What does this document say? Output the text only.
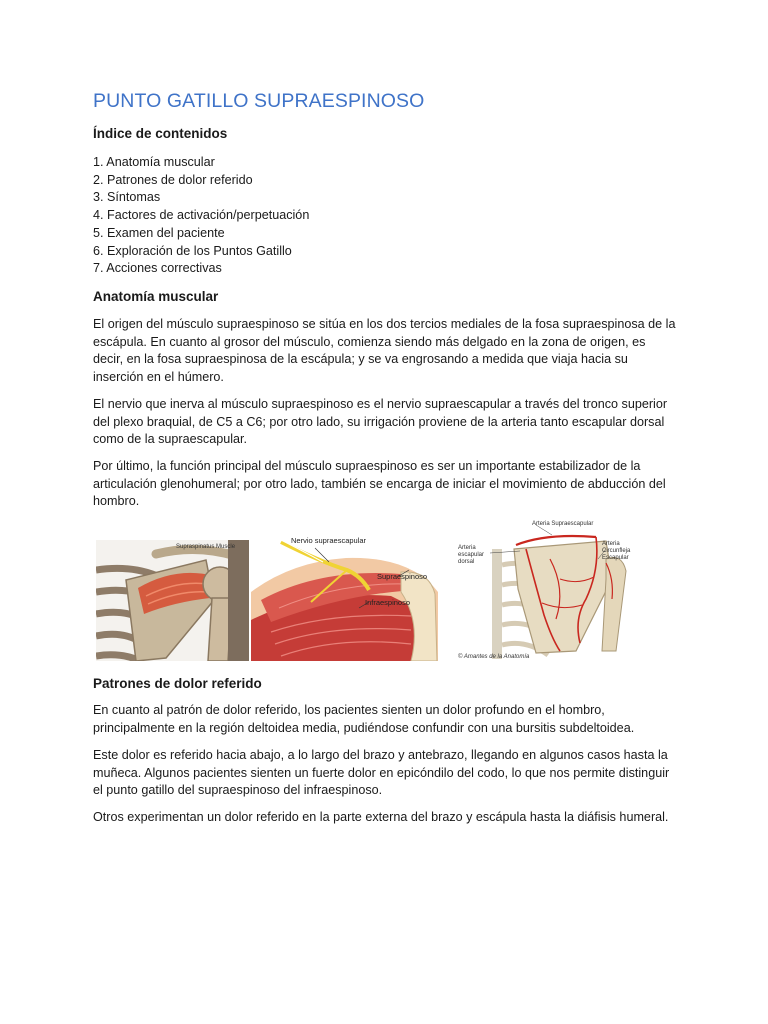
PUNTO GATILLO SUPRAESPINOSO
Índice de contenidos
1. Anatomía muscular
2. Patrones de dolor referido
3. Síntomas
4. Factores de activación/perpetuación
5. Examen del paciente
6. Exploración de los Puntos Gatillo
7. Acciones correctivas
Anatomía muscular

El origen del músculo supraespinoso se sitúa en los dos tercios mediales de la fosa supraespinosa de la escápula. En cuanto al grosor del músculo, comienza siendo más delgado en la zona de origen, es decir, en la fosa supraespinosa de la escápula; y se va engrosando a medida que viaja hacia su inserción en el húmero.

El nervio que inerva al músculo supraespinoso es el nervio supraescapular a través del tronco superior del plexo braquial, de C5 a C6; por otro lado, su irrigación proviene de la arteria tanto escapular dorsal como de la supraescapular.

Por último, la función principal del músculo supraespinoso es ser un importante estabilizador de la articulación glenohumeral; por otro lado, también se encarga de iniciar el movimiento de abducción del hombro.

Supraspinatus Muscle
Nervio supraescapular
Supraespinoso
Infraespinoso
Arteria Supraescapular
Arteria escapular dorsal
Arteria Circunfleja Escapular
© Amantes de la Anatomía
Patrones de dolor referido

En cuanto al patrón de dolor referido, los pacientes sienten un dolor profundo en el hombro, principalmente en la región deltoidea media, pudiéndose confundir con una bursitis subdeltoidea.

Este dolor es referido hacia abajo, a lo largo del brazo y antebrazo, llegando en algunos casos hasta la muñeca. Algunos pacientes sienten un fuerte dolor en epicóndilo del codo, lo que nos permite distinguir el punto gatillo del supraespinoso del infraespinoso.

Otros experimentan un dolor referido en la parte externa del brazo y escápula hasta la diáfisis humeral.
